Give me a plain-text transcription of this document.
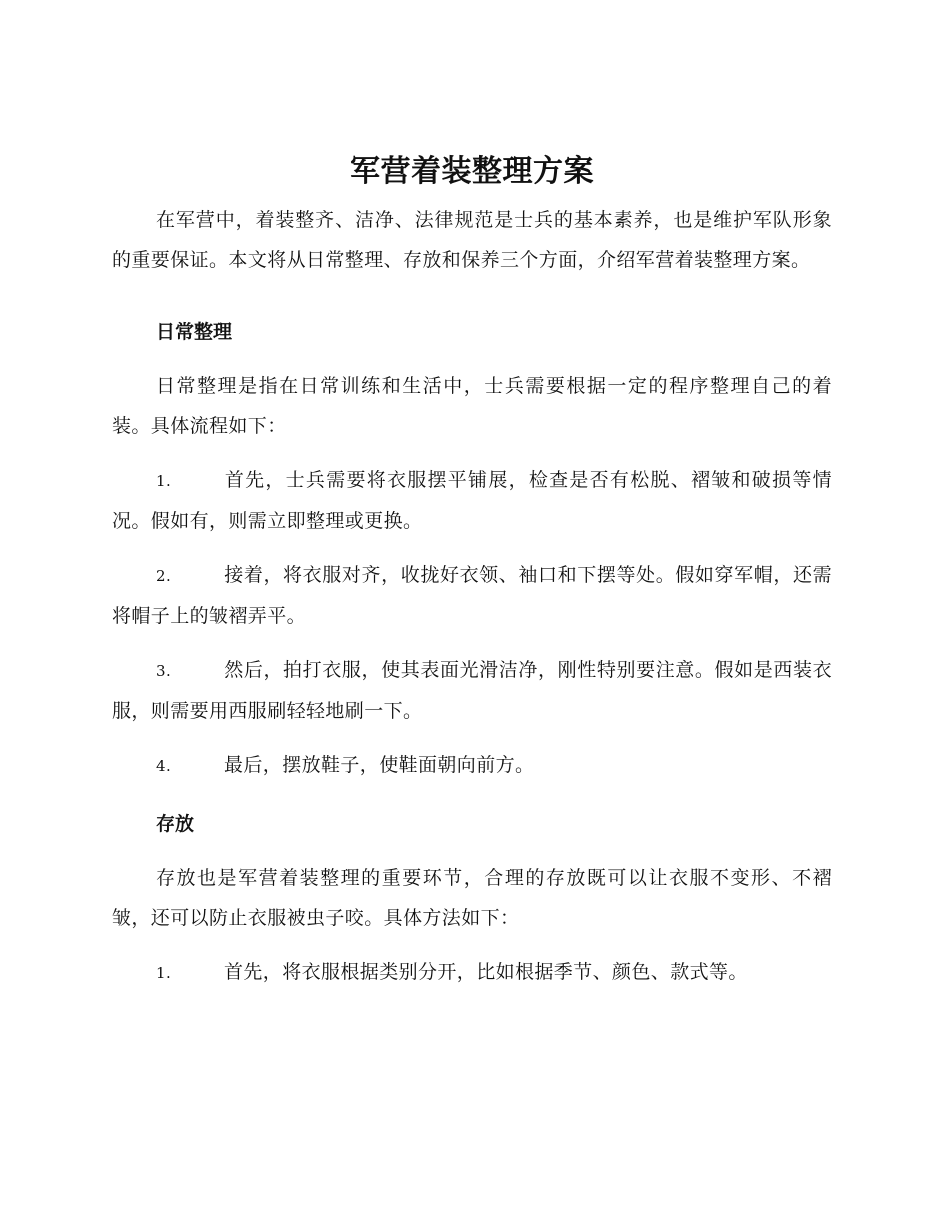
军营着装整理方案

在军营中，着装整齐、洁净、法律规范是士兵的基本素养，也是维护军队形象的重要保证。本文将从日常整理、存放和保养三个方面，介绍军营着装整理方案。

日常整理

日常整理是指在日常训练和生活中，士兵需要根据一定的程序整理自己的着装。具体流程如下：

1.	首先，士兵需要将衣服摆平铺展，检查是否有松脱、褶皱和破损等情况。假如有，则需立即整理或更换。
2.	接着，将衣服对齐，收拢好衣领、袖口和下摆等处。假如穿军帽，还需将帽子上的皱褶弄平。
3.	然后，拍打衣服，使其表面光滑洁净，刚性特别要注意。假如是西装衣服，则需要用西服刷轻轻地刷一下。
4.	最后，摆放鞋子，使鞋面朝向前方。
存放

存放也是军营着装整理的重要环节，合理的存放既可以让衣服不变形、不褶皱，还可以防止衣服被虫子咬。具体方法如下：

1.	首先，将衣服根据类别分开，比如根据季节、颜色、款式等。
